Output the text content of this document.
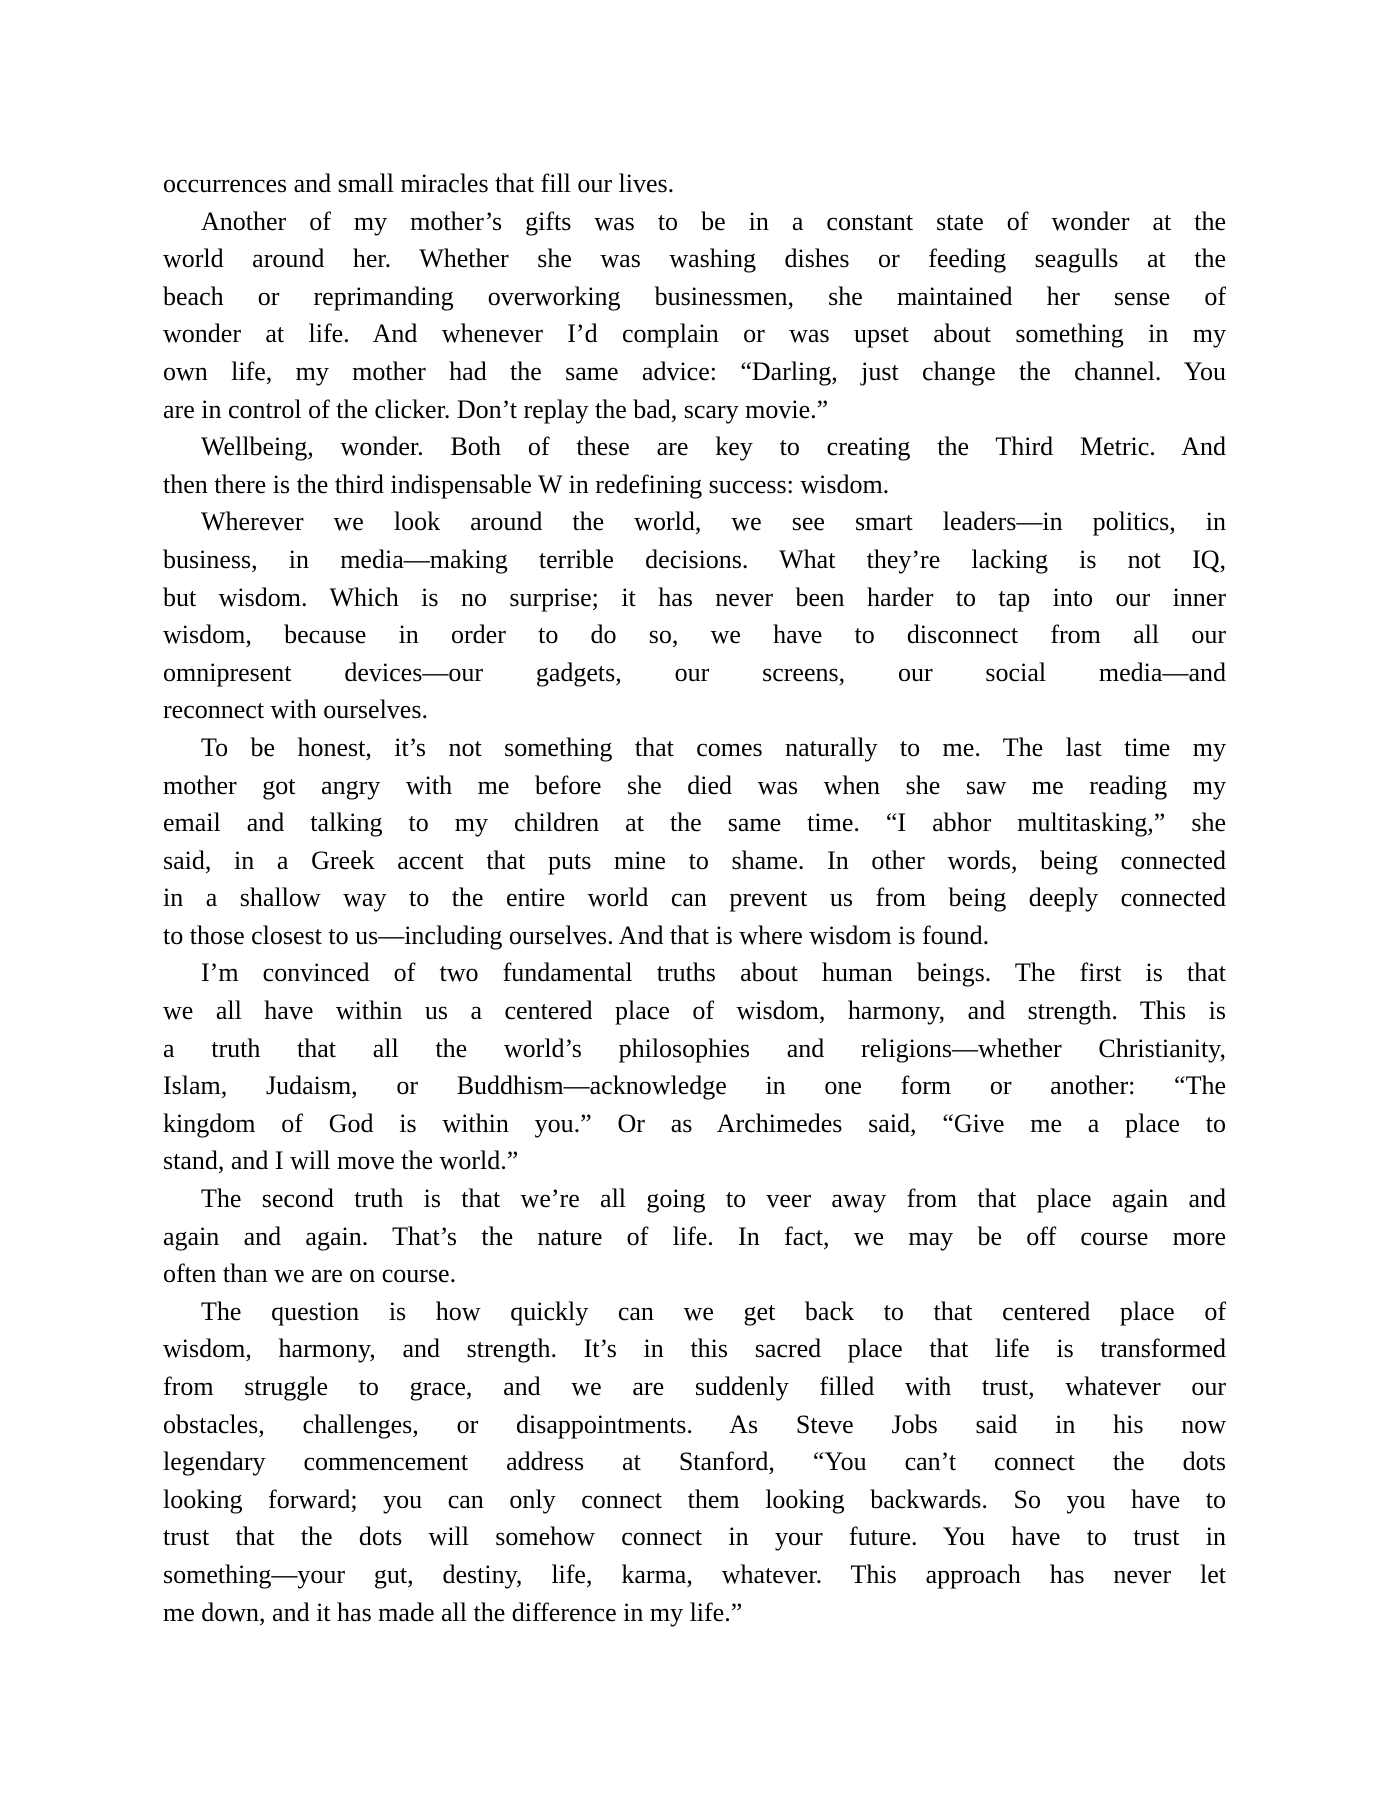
occurrences and small miracles that fill our lives.
Another of my mother’s gifts was to be in a constant state of wonder at the
world around her. Whether she was washing dishes or feeding seagulls at the
beach or reprimanding overworking businessmen, she maintained her sense of
wonder at life. And whenever I’d complain or was upset about something in my
own life, my mother had the same advice: “Darling, just change the channel. You
are in control of the clicker. Don’t replay the bad, scary movie.”
Wellbeing, wonder. Both of these are key to creating the Third Metric. And
then there is the third indispensable W in redefining success: wisdom.
Wherever we look around the world, we see smart leaders—in politics, in
business, in media—making terrible decisions. What they’re lacking is not IQ,
but wisdom. Which is no surprise; it has never been harder to tap into our inner
wisdom, because in order to do so, we have to disconnect from all our
omnipresent devices—our gadgets, our screens, our social media—and
reconnect with ourselves.
To be honest, it’s not something that comes naturally to me. The last time my
mother got angry with me before she died was when she saw me reading my
email and talking to my children at the same time. “I abhor multitasking,” she
said, in a Greek accent that puts mine to shame. In other words, being connected
in a shallow way to the entire world can prevent us from being deeply connected
to those closest to us—including ourselves. And that is where wisdom is found.
I’m convinced of two fundamental truths about human beings. The first is that
we all have within us a centered place of wisdom, harmony, and strength. This is
a truth that all the world’s philosophies and religions—whether Christianity,
Islam, Judaism, or Buddhism—acknowledge in one form or another: “The
kingdom of God is within you.” Or as Archimedes said, “Give me a place to
stand, and I will move the world.”
The second truth is that we’re all going to veer away from that place again and
again and again. That’s the nature of life. In fact, we may be off course more
often than we are on course.
The question is how quickly can we get back to that centered place of
wisdom, harmony, and strength. It’s in this sacred place that life is transformed
from struggle to grace, and we are suddenly filled with trust, whatever our
obstacles, challenges, or disappointments. As Steve Jobs said in his now
legendary commencement address at Stanford, “You can’t connect the dots
looking forward; you can only connect them looking backwards. So you have to
trust that the dots will somehow connect in your future. You have to trust in
something—your gut, destiny, life, karma, whatever. This approach has never let
me down, and it has made all the difference in my life.”
